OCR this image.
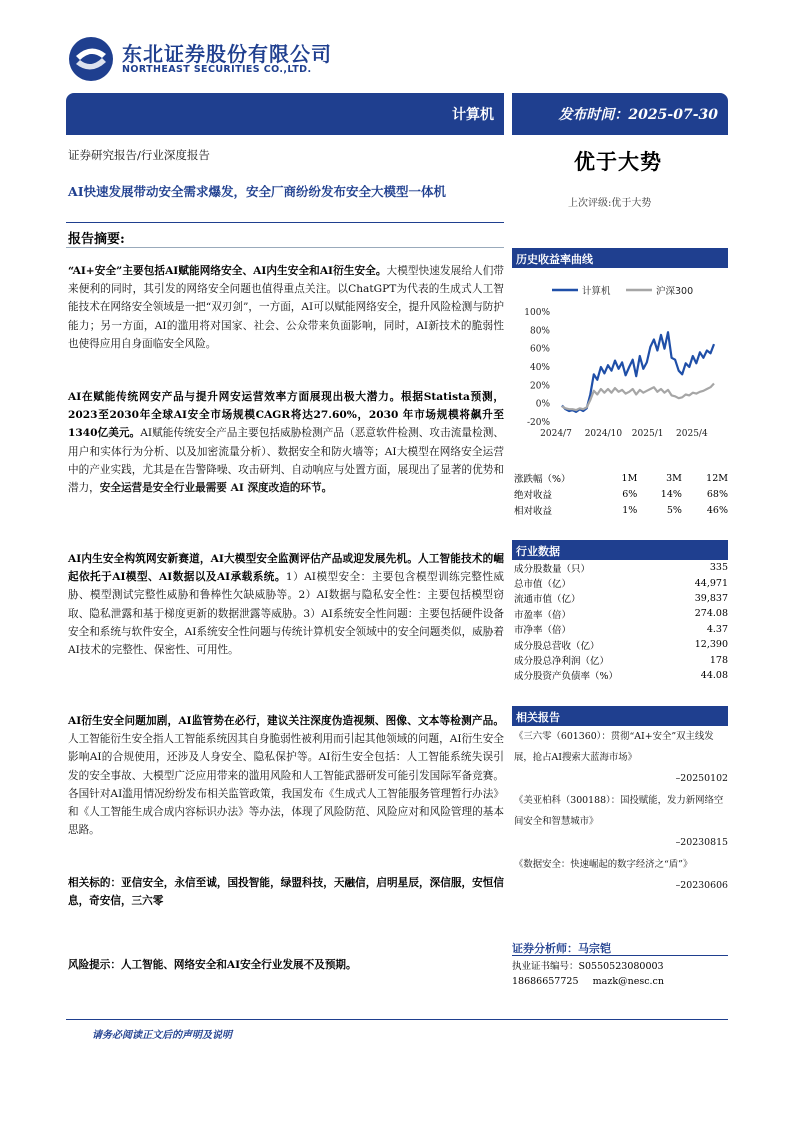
东北证券股份有限公司
NORTHEAST SECURITIES CO.,LTD.
计算机	发布时间：2025-07-30
证券研究报告/行业深度报告	优于大势
AI快速发展带动安全需求爆发，安全厂商纷纷发布安全大模型一体机
上次评级:优于大势
报告摘要:
“AI+安全”主要包括AI赋能网络安全、AI内生安全和AI衍生安全。大模型快速发展给人们带来便利的同时，其引发的网络安全问题也值得重点关注。以ChatGPT为代表的生成式人工智能技术在网络安全领域是一把“双刃剑”，一方面，AI可以赋能网络安全，提升风险检测与防护能力；另一方面，AI的滥用将对国家、社会、公众带来负面影响，同时，AI新技术的脆弱性也使得应用自身面临安全风险。
AI在赋能传统网安产品与提升网安运营效率方面展现出极大潜力。根据Statista预测，2023至2030年全球AI安全市场规模CAGR将达27.60%，2030 年市场规模将飙升至1340亿美元。AI赋能传统安全产品主要包括威胁检测产品（恶意软件检测、攻击流量检测、用户和实体行为分析、以及加密流量分析）、数据安全和防火墙等；AI大模型在网络安全运营中的产业实践，尤其是在告警降噪、攻击研判、自动响应与处置方面，展现出了显著的优势和潜力，安全运营是安全行业最需要 AI 深度改造的环节。
AI内生安全构筑网安新赛道，AI大模型安全监测评估产品或迎发展先机。人工智能技术的崛起依托于AI模型、AI数据以及AI承载系统。1）AI模型安全：主要包含模型训练完整性威胁、模型测试完整性威胁和鲁棒性欠缺威胁等。2）AI数据与隐私安全性：主要包括模型窃取、隐私泄露和基于梯度更新的数据泄露等威胁。3）AI系统安全性问题：主要包括硬件设备安全和系统与软件安全，AI系统安全性问题与传统计算机安全领域中的安全问题类似，威胁着AI技术的完整性、保密性、可用性。
AI衍生安全问题加剧，AI监管势在必行，建议关注深度伪造视频、图像、文本等检测产品。人工智能衍生安全指人工智能系统因其自身脆弱性被利用而引起其他领域的问题，AI衍生安全影响AI的合规使用，还涉及人身安全、隐私保护等。AI衍生安全包括：人工智能系统失误引发的安全事故、大模型广泛应用带来的滥用风险和人工智能武器研发可能引发国际军备竞赛。各国针对AI滥用情况纷纷发布相关监管政策，我国发布《生成式人工智能服务管理暂行办法》和《人工智能生成合成内容标识办法》等办法，体现了风险防范、风险应对和风险管理的基本思路。
相关标的：亚信安全，永信至诚，国投智能，绿盟科技，天融信，启明星辰，深信服，安恒信息，奇安信，三六零
风险提示：人工智能、网络安全和AI安全行业发展不及预期。
历史收益率曲线
计算机	沪深300
100%
80%
60%
40%
20%
0%
-20%
2024/7 2024/10 2025/1 2025/4
涨跌幅（%）	1M	3M	12M
绝对收益	6%	14%	68%
相对收益	1%	5%	46%
行业数据
成分股数量（只）	335
总市值（亿）	44,971
流通市值（亿）	39,837
市盈率（倍）	274.08
市净率（倍）	4.37
成分股总营收（亿）	12,390
成分股总净利润（亿）	178
成分股资产负债率（%）	44.08
相关报告
《三六零（601360）：贯彻“AI+安全”双主线发展，抢占AI搜索大蓝海市场》
–20250102
《美亚柏科（300188）：国投赋能，发力新网络空间安全和智慧城市》
–20230815
《数据安全：快速崛起的数字经济之“盾”》
–20230606
证券分析师：马宗铠
执业证书编号：S0550523080003
18686657725 mazk@nesc.cn
请务必阅读正文后的声明及说明
